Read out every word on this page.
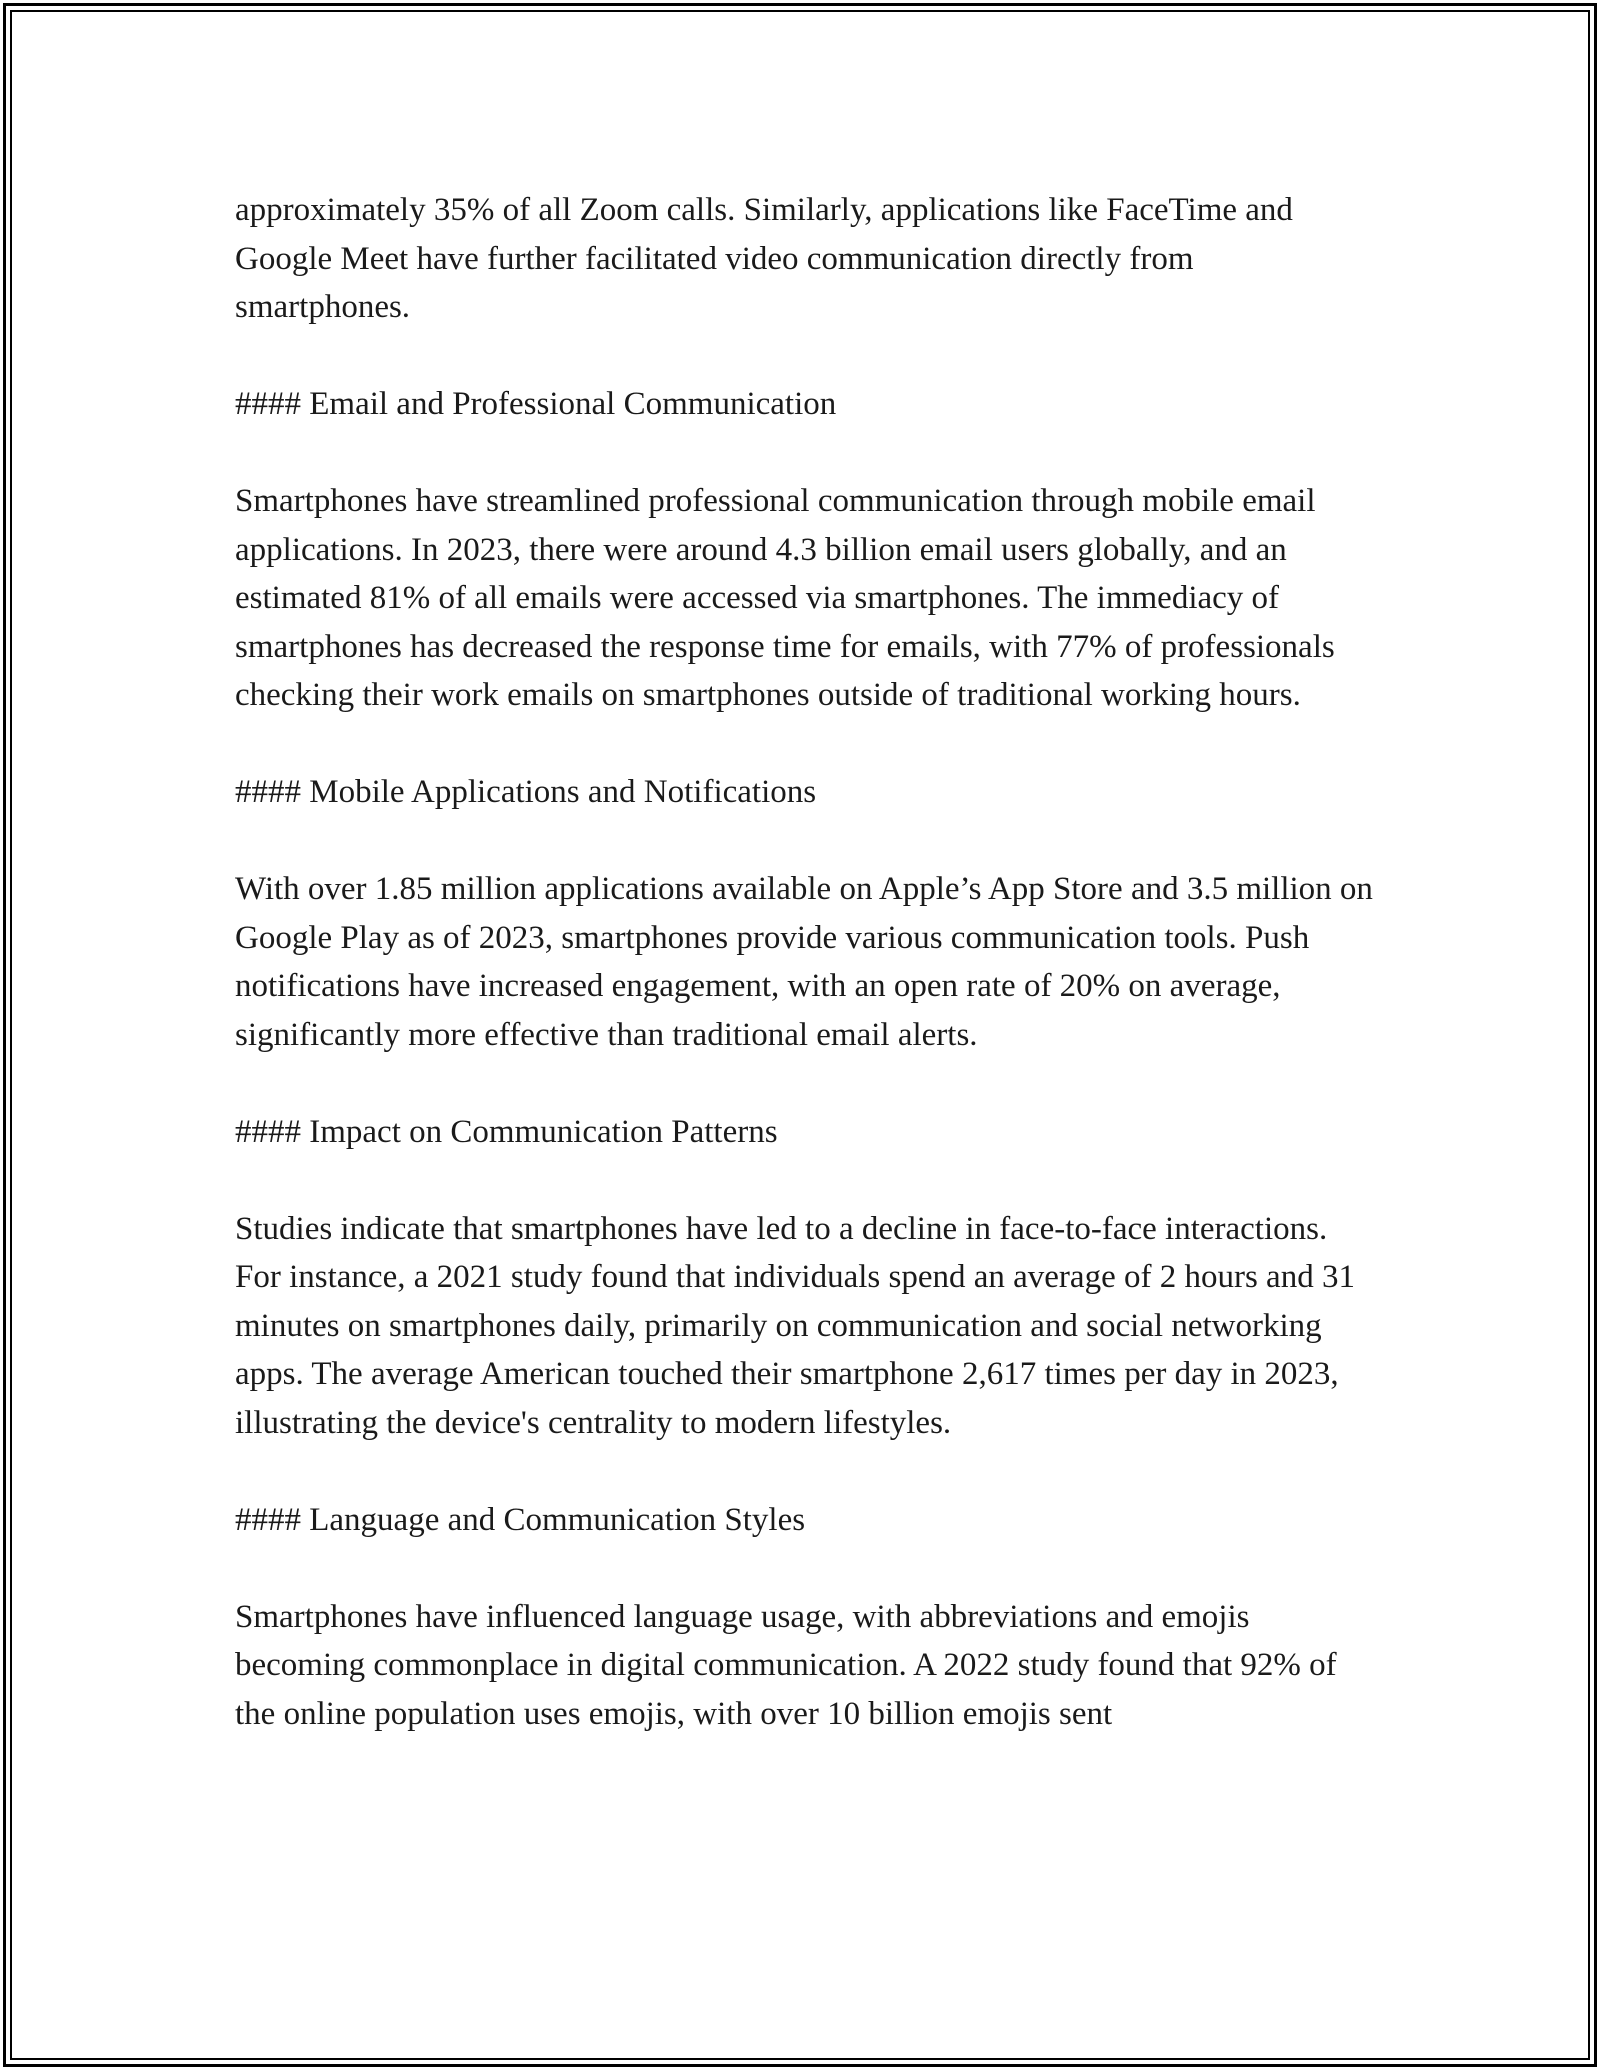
approximately 35% of all Zoom calls. Similarly, applications like FaceTime and Google Meet have further facilitated video communication directly from smartphones.

#### Email and Professional Communication

Smartphones have streamlined professional communication through mobile email applications. In 2023, there were around 4.3 billion email users globally, and an estimated 81% of all emails were accessed via smartphones. The immediacy of smartphones has decreased the response time for emails, with 77% of professionals checking their work emails on smartphones outside of traditional working hours.

#### Mobile Applications and Notifications

With over 1.85 million applications available on Apple’s App Store and 3.5 million on Google Play as of 2023, smartphones provide various communication tools. Push notifications have increased engagement, with an open rate of 20% on average, significantly more effective than traditional email alerts.

#### Impact on Communication Patterns

Studies indicate that smartphones have led to a decline in face-to-face interactions. For instance, a 2021 study found that individuals spend an average of 2 hours and 31 minutes on smartphones daily, primarily on communication and social networking apps. The average American touched their smartphone 2,617 times per day in 2023, illustrating the device's centrality to modern lifestyles.

#### Language and Communication Styles

Smartphones have influenced language usage, with abbreviations and emojis becoming commonplace in digital communication. A 2022 study found that 92% of the online population uses emojis, with over 10 billion emojis sent
